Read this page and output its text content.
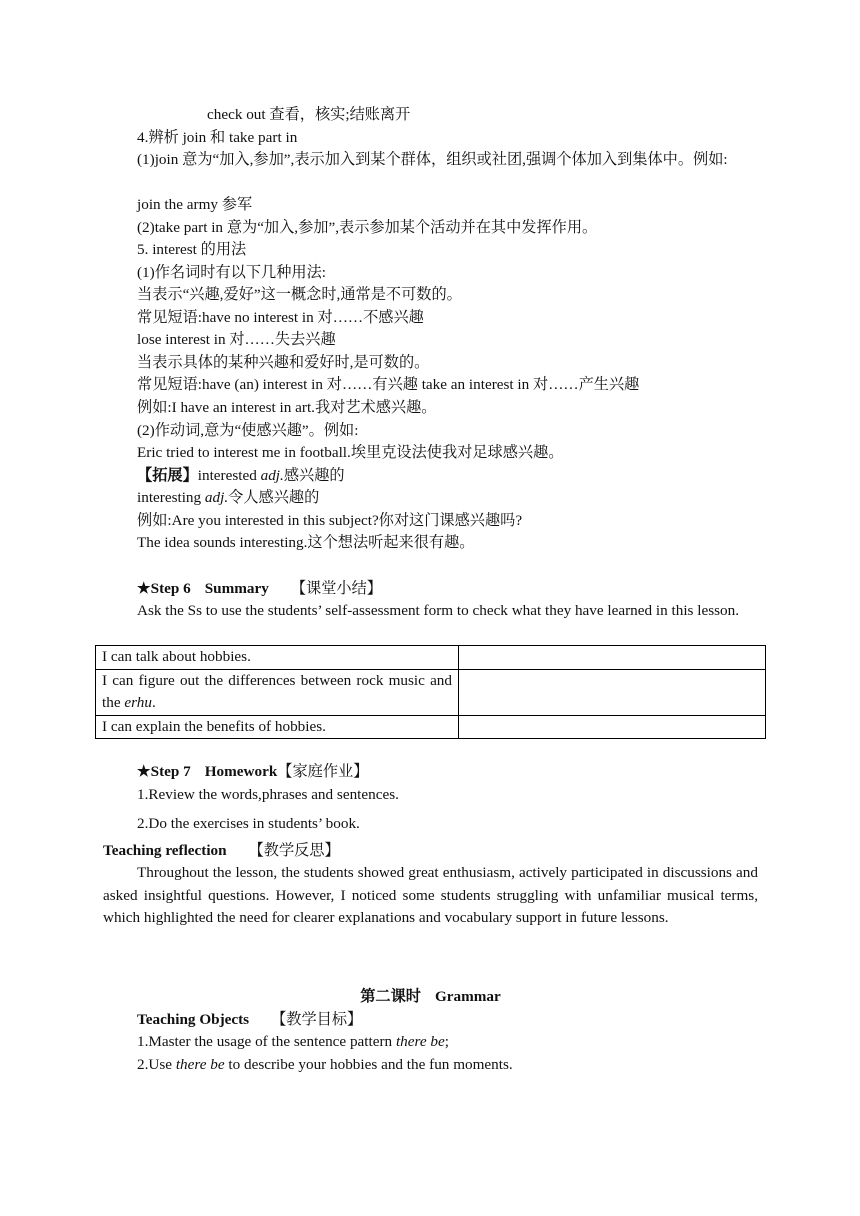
check out 查看，核实;结账离开
4.辨析 join 和 take part in
(1)join 意为“加入,参加”,表示加入到某个群体，组织或社团,强调个体加入到集体中。例如:
join the army 参军
(2)take part in 意为“加入,参加”,表示参加某个活动并在其中发挥作用。
5. interest 的用法
(1)作名词时有以下几种用法:
当表示“兴趣,爱好”这一概念时,通常是不可数的。
常见短语:have no interest in 对……不感兴趣
lose interest in 对……失去兴趣
当表示具体的某种兴趣和爱好时,是可数的。
常见短语:have (an) interest in 对……有兴趣 take an interest in 对……产生兴趣
例如:I have an interest in art.我对艺术感兴趣。
(2)作动词,意为“使感兴趣”。例如:
Eric tried to interest me in football.埃里克设法使我对足球感兴趣。
【拓展】interested adj.感兴趣的
interesting adj.令人感兴趣的
例如:Are you interested in this subject?你对这门课感兴趣吗?
The idea sounds interesting.这个想法听起来很有趣。
★Step 6 Summary 【课堂小结】
Ask the Ss to use the students’ self-assessment form to check what they have learned in this lesson.
I can talk about hobbies.	
I can figure out the differences between rock music and the erhu.	
I can explain the benefits of hobbies.	
★Step 7 Homework【家庭作业】
1.Review the words,phrases and sentences.
2.Do the exercises in students’ book.
Teaching reflection 【教学反思】
Throughout the lesson, the students showed great enthusiasm, actively participated in discussions and asked insightful questions. However, I noticed some students struggling with unfamiliar musical terms, which highlighted the need for clearer explanations and vocabulary support in future lessons.
第二课时 Grammar
Teaching Objects 【教学目标】
1.Master the usage of the sentence pattern there be;
2.Use there be to describe your hobbies and the fun moments.
